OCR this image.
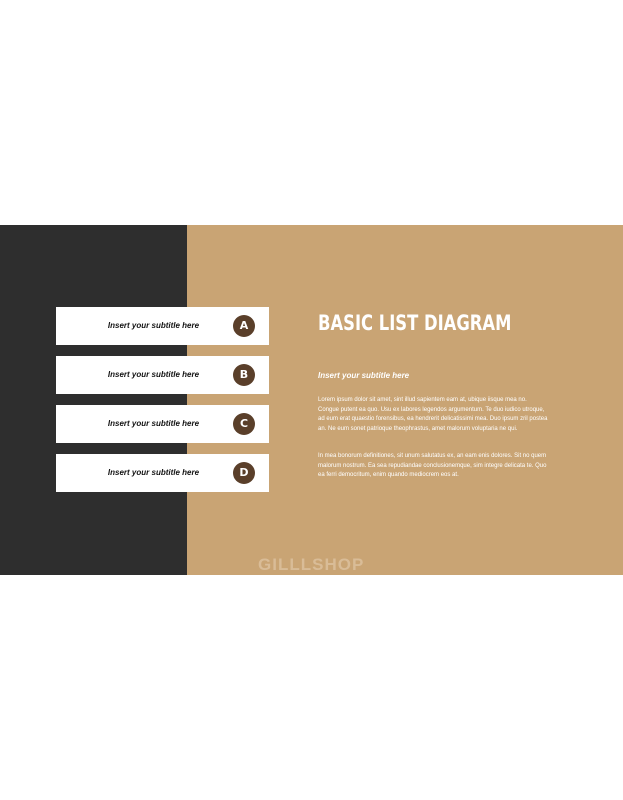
Insert your subtitle here	A
Insert your subtitle here	B
Insert your subtitle here	C
Insert your subtitle here	D
BASIC LIST DIAGRAM
Insert your subtitle here
Lorem ipsum dolor sit amet, sint illud sapientem eam at, ubique iisque mea no. Congue putent ea quo. Usu ex labores legendos argumentum. Te duo iudico utroque, ad eum erat quaestio forensibus, ea hendrerit delicatissimi mea. Duo ipsum zril postea an. Ne eum sonet patrioque theophrastus, amet malorum voluptaria ne qui.
In mea bonorum definitiones, sit unum salutatus ex, an eam enis dolores. Sit no quem malorum nostrum. Ea sea repudiandae conclusionemque, sim integre delicata te. Quo ea ferri democritum, enim quando mediocrem eos at.
GILLLSHOP
